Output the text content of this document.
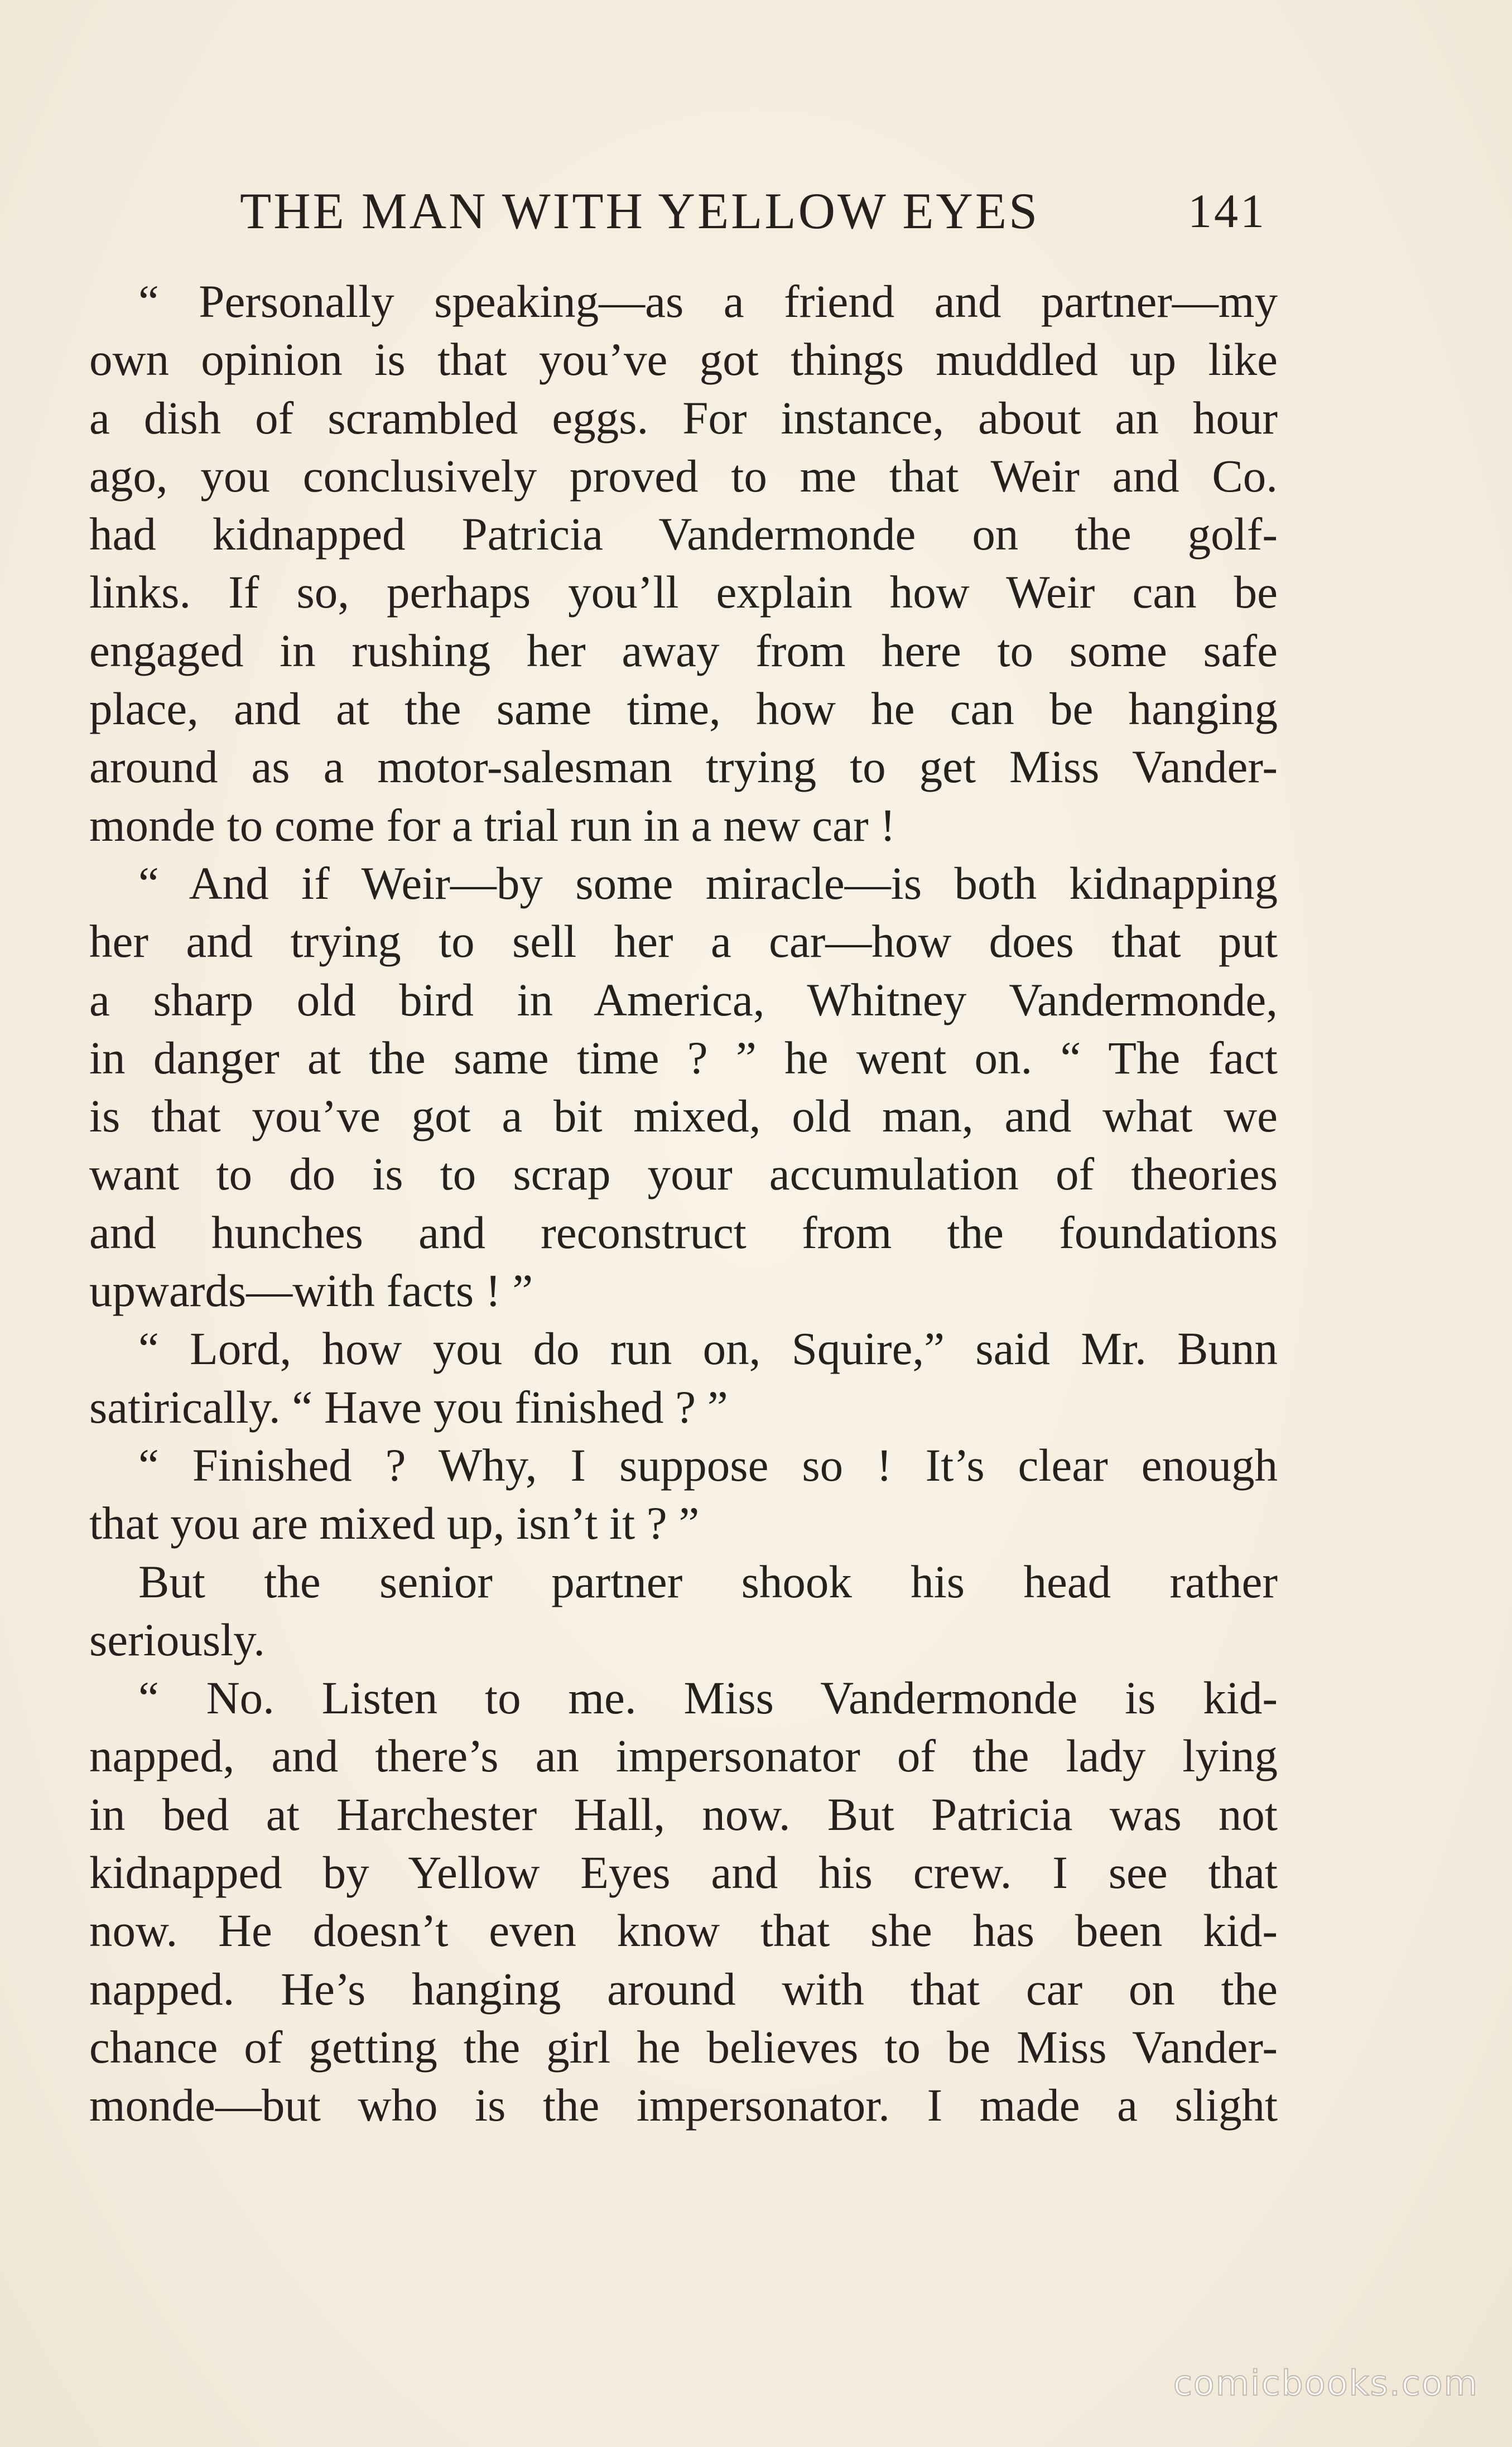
THE MAN WITH YELLOW EYES	141
“ Personally speaking—as a friend and partner—my
own opinion is that you’ve got things muddled up like
a dish of scrambled eggs. For instance, about an hour
ago, you conclusively proved to me that Weir and Co.
had kidnapped Patricia Vandermonde on the golf-
links. If so, perhaps you’ll explain how Weir can be
engaged in rushing her away from here to some safe
place, and at the same time, how he can be hanging
around as a motor-salesman trying to get Miss Vander-
monde to come for a trial run in a new car !
“ And if Weir—by some miracle—is both kidnapping
her and trying to sell her a car—how does that put
a sharp old bird in America, Whitney Vandermonde,
in danger at the same time ? ” he went on. “ The fact
is that you’ve got a bit mixed, old man, and what we
want to do is to scrap your accumulation of theories
and hunches and reconstruct from the foundations
upwards—with facts ! ”
“ Lord, how you do run on, Squire,” said Mr. Bunn
satirically. “ Have you finished ? ”
“ Finished ? Why, I suppose so ! It’s clear enough
that you are mixed up, isn’t it ? ”
But the senior partner shook his head rather
seriously.
“ No. Listen to me. Miss Vandermonde is kid-
napped, and there’s an impersonator of the lady lying
in bed at Harchester Hall, now. But Patricia was not
kidnapped by Yellow Eyes and his crew. I see that
now. He doesn’t even know that she has been kid-
napped. He’s hanging around with that car on the
chance of getting the girl he believes to be Miss Vander-
monde—but who is the impersonator. I made a slight
comicbooks.com
